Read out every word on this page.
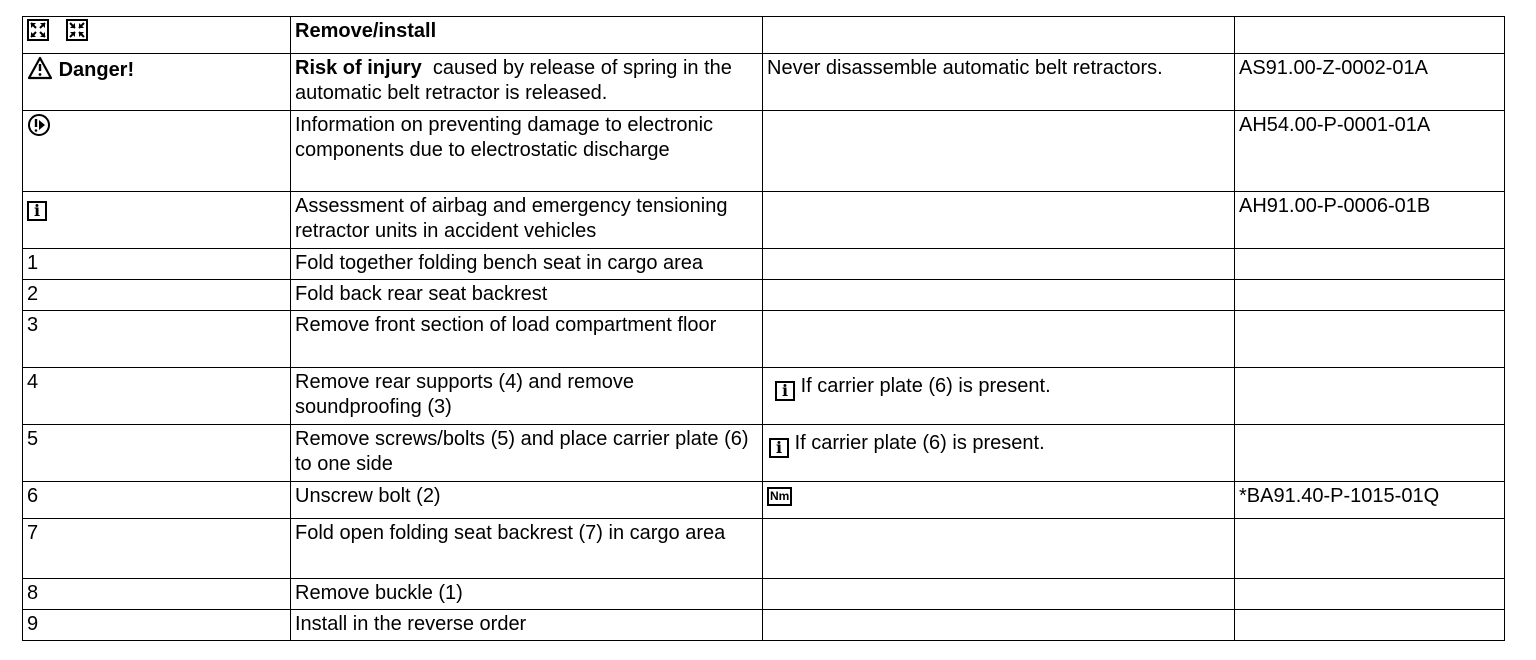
	Remove/install		
Danger!	Risk of injury caused by release of spring in the automatic belt retractor is released.	Never disassemble automatic belt retractors.	AS91.00-Z-0002-01A
	Information on preventing damage to electronic components due to electrostatic discharge		AH54.00-P-0001-01A
i	Assessment of airbag and emergency tensioning retractor units in accident vehicles		AH91.00-P-0006-01B
1	Fold together folding bench seat in cargo area		
2	Fold back rear seat backrest		
3	Remove front section of load compartment floor		
4	Remove rear supports (4) and remove soundproofing (3)	i If carrier plate (6) is present.	
5	Remove screws/bolts (5) and place carrier plate (6) to one side	i If carrier plate (6) is present.	
6	Unscrew bolt (2)	Nm	*BA91.40-P-1015-01Q
7	Fold open folding seat backrest (7) in cargo area		
8	Remove buckle (1)		
9	Install in the reverse order		
